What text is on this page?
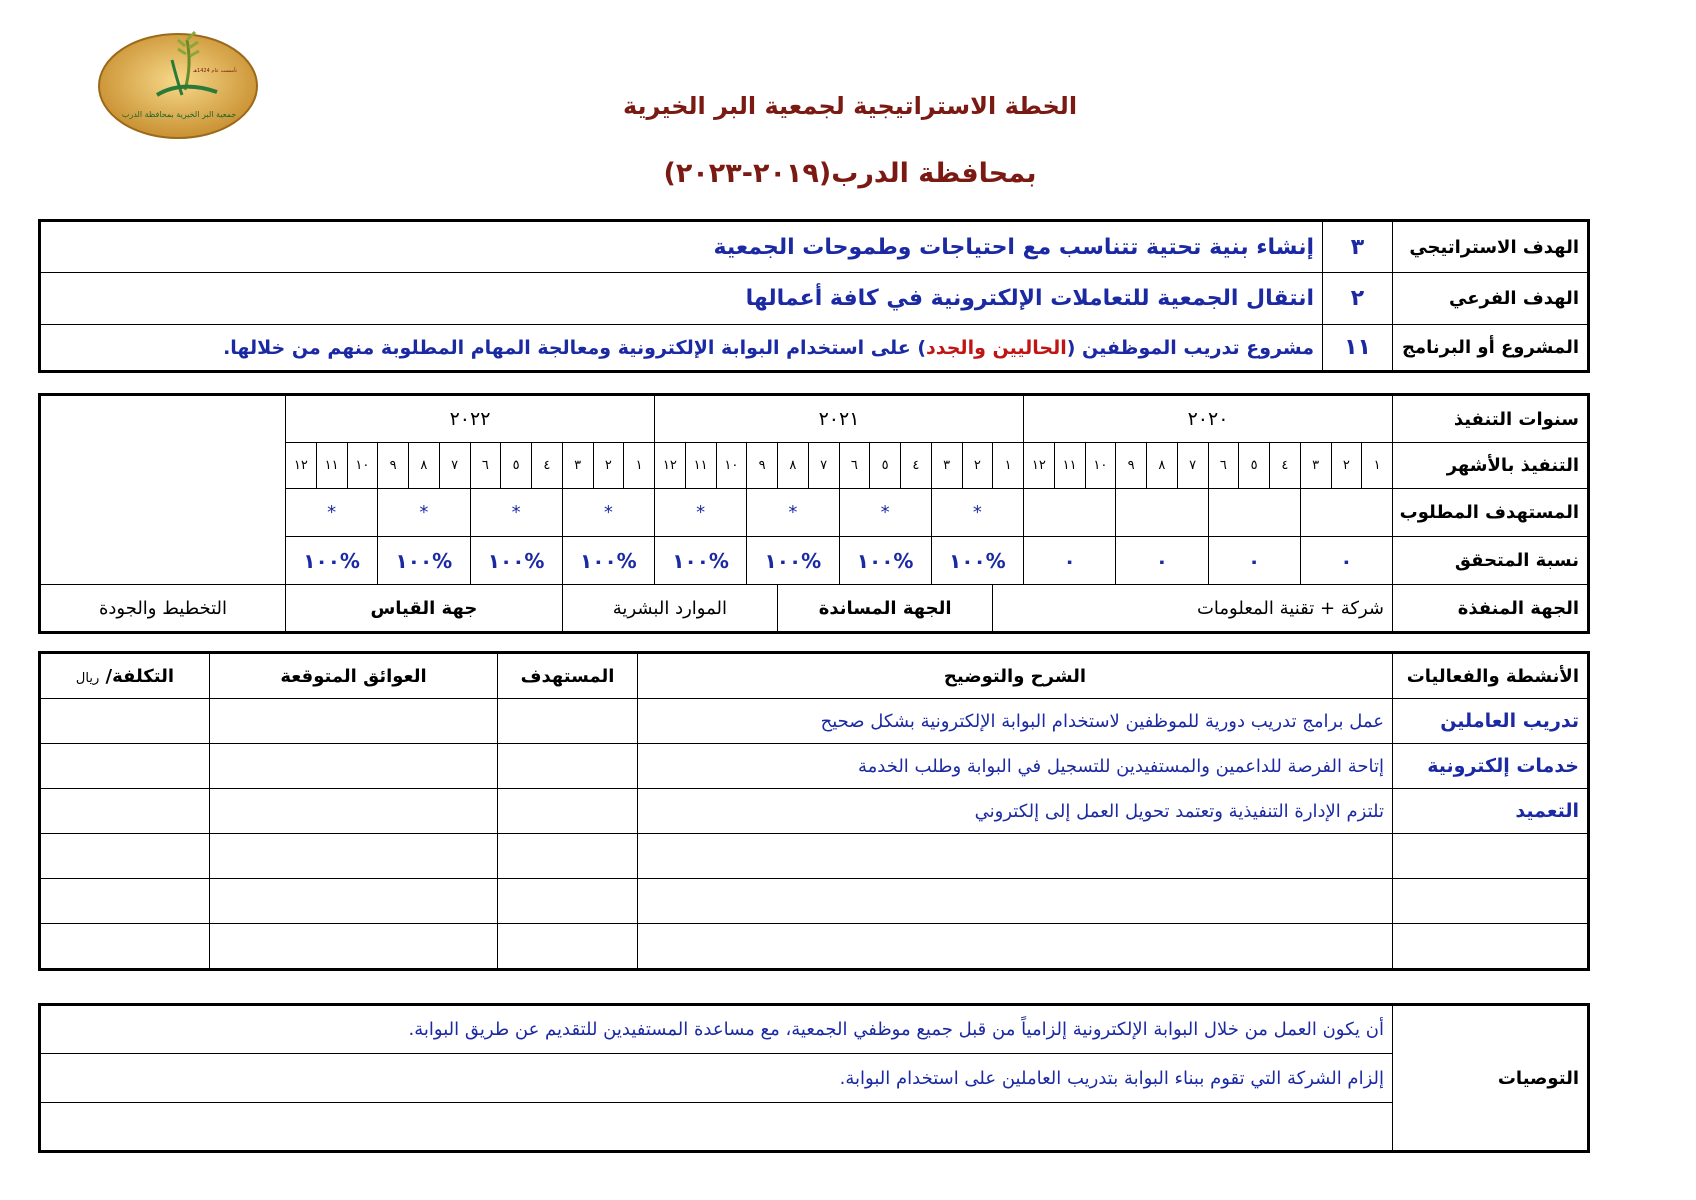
جمعية البر الخيرية بمحافظة الدرب
تأسست عام 1424هـ
الخطة الاستراتيجية لجمعية البر الخيرية
بمحافظة الدرب(٢٠١٩-٢٠٢٣)
الهدف الاستراتيجي	٣	إنشاء بنية تحتية تتناسب مع احتياجات وطموحات الجمعية
الهدف الفرعي	٢	انتقال الجمعية للتعاملات الإلكترونية في كافة أعمالها
المشروع أو البرنامج	١١	مشروع تدريب الموظفين (الحاليين والجدد) على استخدام البوابة الإلكترونية ومعالجة المهام المطلوبة منهم من خلالها.
سنوات التنفيذ	٢٠٢٠												٢٠٢١												٢٠٢٢												
التنفيذ بالأشهر	١	٢	٣	٤	٥	٦	٧	٨	٩	١٠	١١	١٢	١	٢	٣	٤	٥	٦	٧	٨	٩	١٠	١١	١٢	١	٢	٣	٤	٥	٦	٧	٨	٩	١٠	١١	١٢	
المستهدف المطلوب													*			*			*			*			*			*			*			*			
نسبة المتحقق	٠			٠			٠			٠			%١٠٠			%١٠٠			%١٠٠			%١٠٠			%١٠٠			%١٠٠			%١٠٠			%١٠٠			
الجهة المنفذة	شركة + تقنية المعلومات													الجهة المساندة							الموارد البشرية							جهة القياس									التخطيط والجودة
الأنشطة والفعاليات	الشرح والتوضيح	المستهدف	العوائق المتوقعة	التكلفة/ ريال
تدريب العاملين	عمل برامج تدريب دورية للموظفين لاستخدام البوابة الإلكترونية بشكل صحيح			
خدمات إلكترونية	إتاحة الفرصة للداعمين والمستفيدين للتسجيل في البوابة وطلب الخدمة			
التعميد	تلتزم الإدارة التنفيذية وتعتمد تحويل العمل إلى إلكتروني			

التوصيات	أن يكون العمل من خلال البوابة الإلكترونية إلزامياً من قبل جميع موظفي الجمعية، مع مساعدة المستفيدين للتقديم عن طريق البوابة.
إلزام الشركة التي تقوم ببناء البوابة بتدريب العاملين على استخدام البوابة.
